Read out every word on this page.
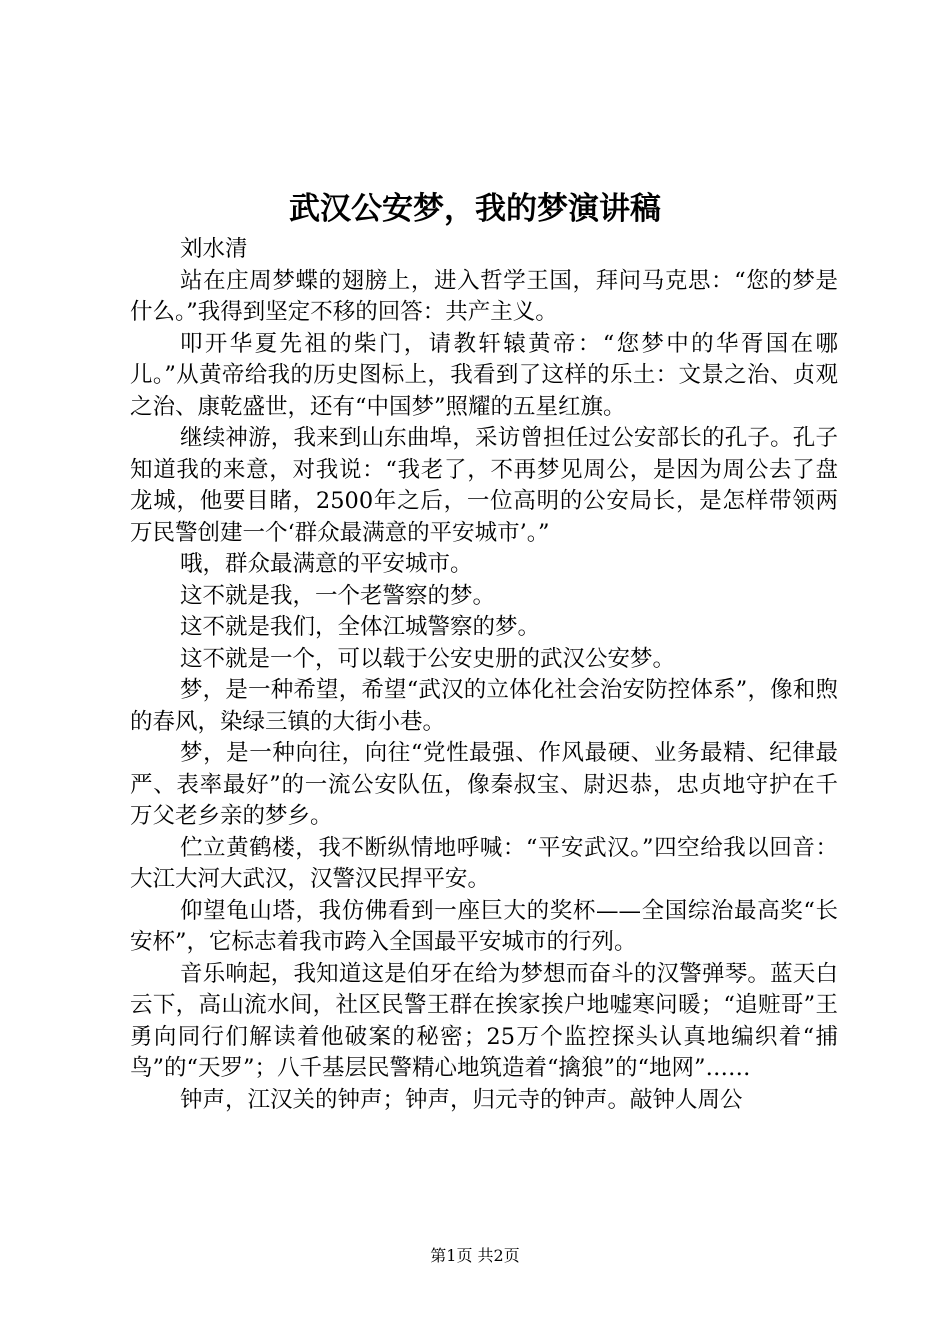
武汉公安梦，我的梦演讲稿

刘水清

站在庄周梦蝶的翅膀上，进入哲学王国，拜问马克思：“您的梦是什么。”我得到坚定不移的回答：共产主义。

叩开华夏先祖的柴门，请教轩辕黄帝：“您梦中的华胥国在哪儿。”从黄帝给我的历史图标上，我看到了这样的乐土：文景之治、贞观之治、康乾盛世，还有“中国梦”照耀的五星红旗。

继续神游，我来到山东曲埠，采访曾担任过公安部长的孔子。孔子知道我的来意，对我说：“我老了，不再梦见周公，是因为周公去了盘龙城，他要目睹，2500年之后，一位高明的公安局长，是怎样带领两万民警创建一个‘群众最满意的平安城市’。”

哦，群众最满意的平安城市。

这不就是我，一个老警察的梦。

这不就是我们，全体江城警察的梦。

这不就是一个，可以载于公安史册的武汉公安梦。

梦，是一种希望，希望“武汉的立体化社会治安防控体系”，像和煦的春风，染绿三镇的大街小巷。

梦，是一种向往，向往“党性最强、作风最硬、业务最精、纪律最严、表率最好”的一流公安队伍，像秦叔宝、尉迟恭，忠贞地守护在千万父老乡亲的梦乡。

伫立黄鹤楼，我不断纵情地呼喊：“平安武汉。”四空给我以回音：大江大河大武汉，汉警汉民捍平安。

仰望龟山塔，我仿佛看到一座巨大的奖杯——全国综治最高奖“长安杯”，它标志着我市跨入全国最平安城市的行列。

音乐响起，我知道这是伯牙在给为梦想而奋斗的汉警弹琴。蓝天白云下，高山流水间，社区民警王群在挨家挨户地嘘寒问暖；“追赃哥”王勇向同行们解读着他破案的秘密；25万个监控探头认真地编织着“捕鸟”的“天罗”；八千基层民警精心地筑造着“擒狼”的“地网”……

钟声，江汉关的钟声；钟声，归元寺的钟声。敲钟人周公

第1页 共2页
